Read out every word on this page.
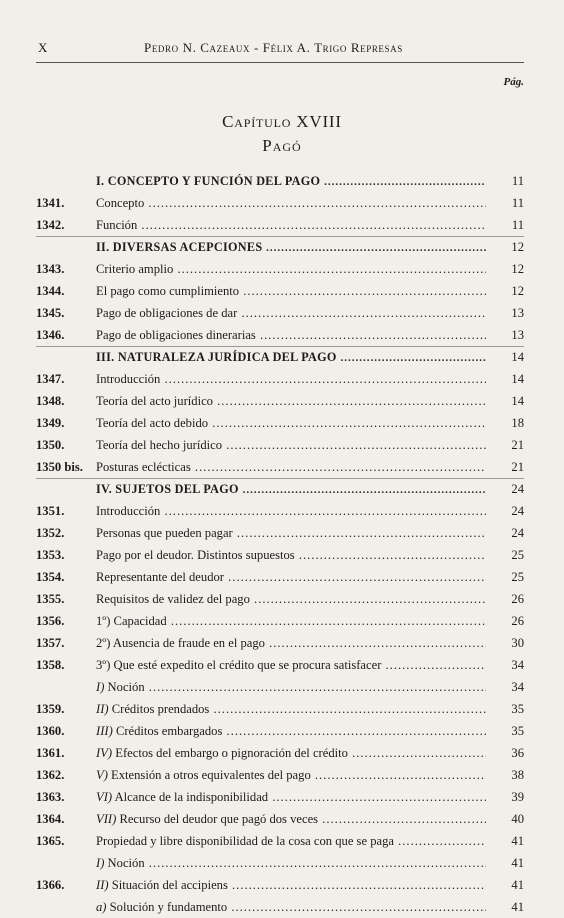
X	Pedro N. Cazeaux - Félix A. Trigo Represas
Pág.
Capítulo XVIII
Pagó
I. CONCEPTO Y FUNCIÓN DEL PAGO .....	11
1341.	Concepto .....	11
1342.	Función .....	11
II. DIVERSAS ACEPCIONES .....	12
1343.	Criterio amplio .....	12
1344.	El pago como cumplimiento .....	12
1345.	Pago de obligaciones de dar .....	13
1346.	Pago de obligaciones dinerarias .....	13
III. NATURALEZA JURÍDICA DEL PAGO .....	14
1347.	Introducción .....	14
1348.	Teoría del acto jurídico .....	14
1349.	Teoría del acto debido .....	18
1350.	Teoría del hecho jurídico .....	21
1350 bis.	Posturas eclécticas .....	21
IV. SUJETOS DEL PAGO .....	24
1351.	Introducción .....	24
1352.	Personas que pueden pagar .....	24
1353.	Pago por el deudor. Distintos supuestos .....	25
1354.	Representante del deudor .....	25
1355.	Requisitos de validez del pago .....	26
1356.	1º) Capacidad .....	26
1357.	2º) Ausencia de fraude en el pago .....	30
1358.	3º) Que esté expedito el crédito que se procura satisfacer .....	34
I) Noción .....	34
1359.	II) Créditos prendados .....	35
1360.	III) Créditos embargados .....	35
1361.	IV) Efectos del embargo o pignoración del crédito .....	36
1362.	V) Extensión a otros equivalentes del pago .....	38
1363.	VI) Alcance de la indisponibilidad .....	39
1364.	VII) Recurso del deudor que pagó dos veces .....	40
1365.	Propiedad y libre disponibilidad de la cosa con que se paga .....	41
I) Noción .....	41
1366.	II) Situación del accipiens .....	41
a) Solución y fundamento .....	41
